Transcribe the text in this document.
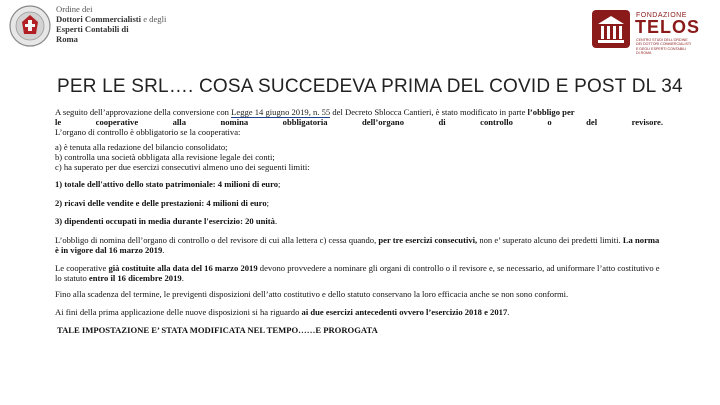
Ordine dei
Dottori Commercialisti e degli
Esperti Contabili di
Roma
FONDAZIONE
TELOS
CENTRO STUDI DELL'ORDINE
DEI DOTTORI COMMERCIALISTI
E DEGLI ESPERTI CONTABILI
DI ROMA
PER LE SRL…. COSA SUCCEDEVA PRIMA DEL COVID E POST DL 34

A seguito dell’approvazione della conversione con Legge 14 giugno 2019, n. 55 del Decreto Sblocca Cantieri, è stato modificato in parte l’obbligo per
le	cooperative	alla	nomina	obbligatoria	dell’organo	di	controllo	o	del	revisore.
L’organo di controllo è obbligatorio se la cooperativa:

a) è tenuta alla redazione del bilancio consolidato;
b) controlla una società obbligata alla revisione legale dei conti;
c) ha superato per due esercizi consecutivi almeno uno dei seguenti limiti:

1) totale dell'attivo dello stato patrimoniale: 4 milioni di euro;

2) ricavi delle vendite e delle prestazioni: 4 milioni di euro;

3) dipendenti occupati in media durante l'esercizio: 20 unità.

L’obbligo di nomina dell’organo di controllo o del revisore di cui alla lettera c) cessa quando, per tre esercizi consecutivi, non e’ superato alcuno dei predetti limiti. La norma è in vigore dal 16 marzo 2019.

Le cooperative già costituite alla data del 16 marzo 2019 devono provvedere a nominare gli organi di controllo o il revisore e, se necessario, ad uniformare l’atto costitutivo e lo statuto entro il 16 dicembre 2019.

Fino alla scadenza del termine, le previgenti disposizioni dell’atto costitutivo e dello statuto conservano la loro efficacia anche se non sono conformi.

Ai fini della prima applicazione delle nuove disposizioni si ha riguardo ai due esercizi antecedenti ovvero l’esercizio 2018 e 2017.

TALE IMPOSTAZIONE E’ STATA MODIFICATA NEL TEMPO……E PROROGATA
